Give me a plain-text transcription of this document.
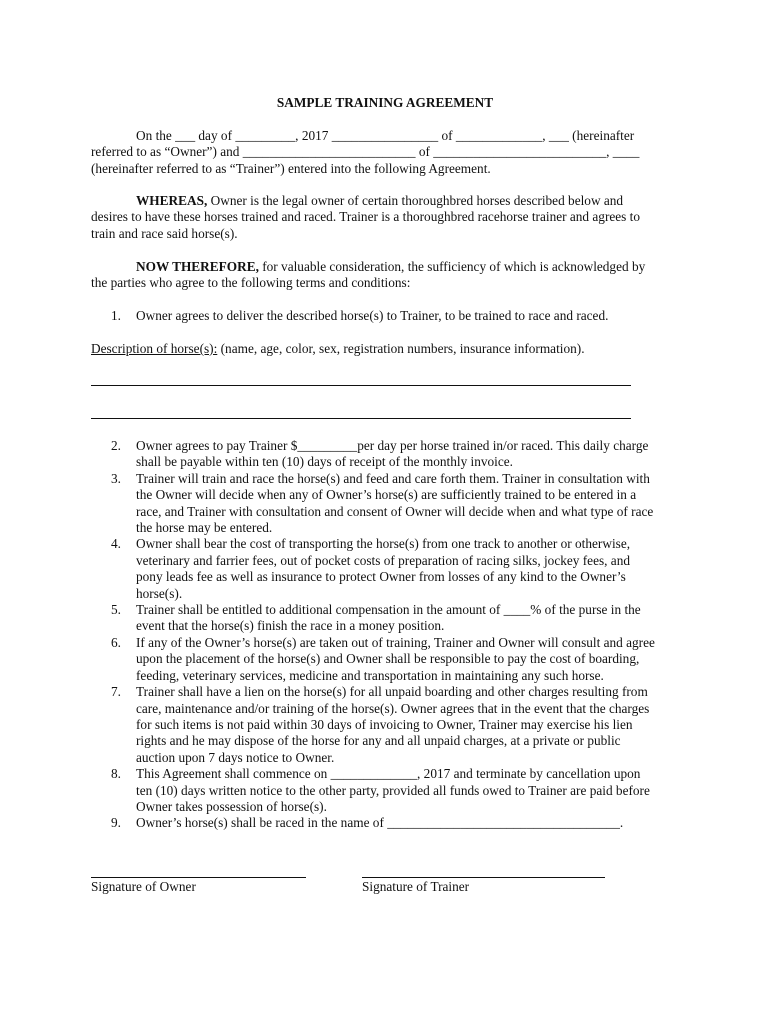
SAMPLE TRAINING AGREEMENT
On the ___ day of _________, 2017 ________________ of _____________, ___ (hereinafter
referred to as “Owner”) and __________________________ of __________________________, ____
(hereinafter referred to as “Trainer”) entered into the following Agreement.
WHEREAS, Owner is the legal owner of certain thoroughbred horses described below and
desires to have these horses trained and raced. Trainer is a thoroughbred racehorse trainer and agrees to
train and race said horse(s).
NOW THEREFORE, for valuable consideration, the sufficiency of which is acknowledged by
the parties who agree to the following terms and conditions:
1. Owner agrees to deliver the described horse(s) to Trainer, to be trained to race and raced.
Description of horse(s): (name, age, color, sex, registration numbers, insurance information).
2. Owner agrees to pay Trainer $_________per day per horse trained in/or raced. This daily charge
shall be payable within ten (10) days of receipt of the monthly invoice.
3. Trainer will train and race the horse(s) and feed and care forth them. Trainer in consultation with
the Owner will decide when any of Owner’s horse(s) are sufficiently trained to be entered in a
race, and Trainer with consultation and consent of Owner will decide when and what type of race
the horse may be entered.
4. Owner shall bear the cost of transporting the horse(s) from one track to another or otherwise,
veterinary and farrier fees, out of pocket costs of preparation of racing silks, jockey fees, and
pony leads fee as well as insurance to protect Owner from losses of any kind to the Owner’s
horse(s).
5. Trainer shall be entitled to additional compensation in the amount of ____% of the purse in the
event that the horse(s) finish the race in a money position.
6. If any of the Owner’s horse(s) are taken out of training, Trainer and Owner will consult and agree
upon the placement of the horse(s) and Owner shall be responsible to pay the cost of boarding,
feeding, veterinary services, medicine and transportation in maintaining any such horse.
7. Trainer shall have a lien on the horse(s) for all unpaid boarding and other charges resulting from
care, maintenance and/or training of the horse(s). Owner agrees that in the event that the charges
for such items is not paid within 30 days of invoicing to Owner, Trainer may exercise his lien
rights and he may dispose of the horse for any and all unpaid charges, at a private or public
auction upon 7 days notice to Owner.
8. This Agreement shall commence on _____________, 2017 and terminate by cancellation upon
ten (10) days written notice to the other party, provided all funds owed to Trainer are paid before
Owner takes possession of horse(s).
9. Owner’s horse(s) shall be raced in the name of ___________________________________.
Signature of Owner	Signature of Trainer
